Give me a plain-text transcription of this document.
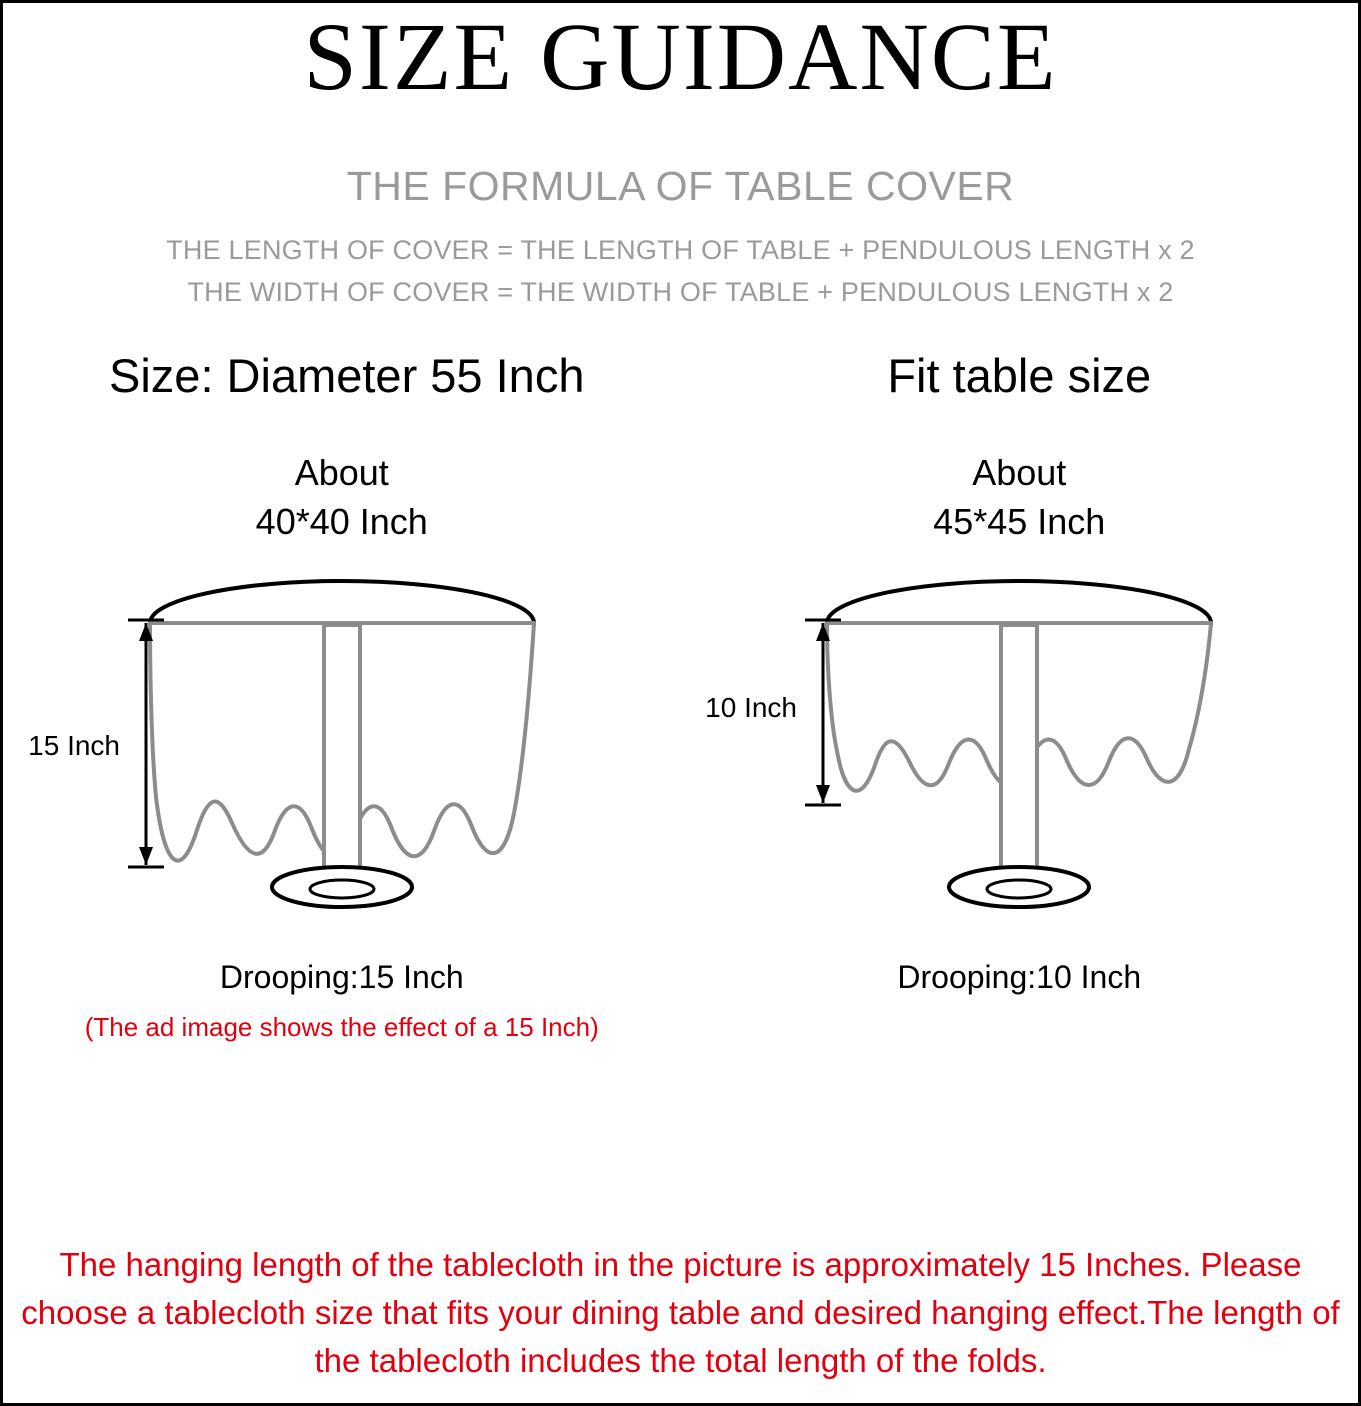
SIZE GUIDANCE
THE FORMULA OF TABLE COVER
THE LENGTH OF COVER = THE LENGTH OF TABLE + PENDULOUS LENGTH x 2
THE WIDTH OF COVER = THE WIDTH OF TABLE + PENDULOUS LENGTH x 2
Size: Diameter 55 Inch
About
40*40 Inch
15 Inch
Drooping:15 Inch
(The ad image shows the effect of a 15 Inch)
Fit table size
About
45*45 Inch
10 Inch
Drooping:10 Inch
The hanging length of the tablecloth in the picture is approximately 15 Inches. Please choose a tablecloth size that fits your dining table and desired hanging effect.The length of the tablecloth includes the total length of the folds.
